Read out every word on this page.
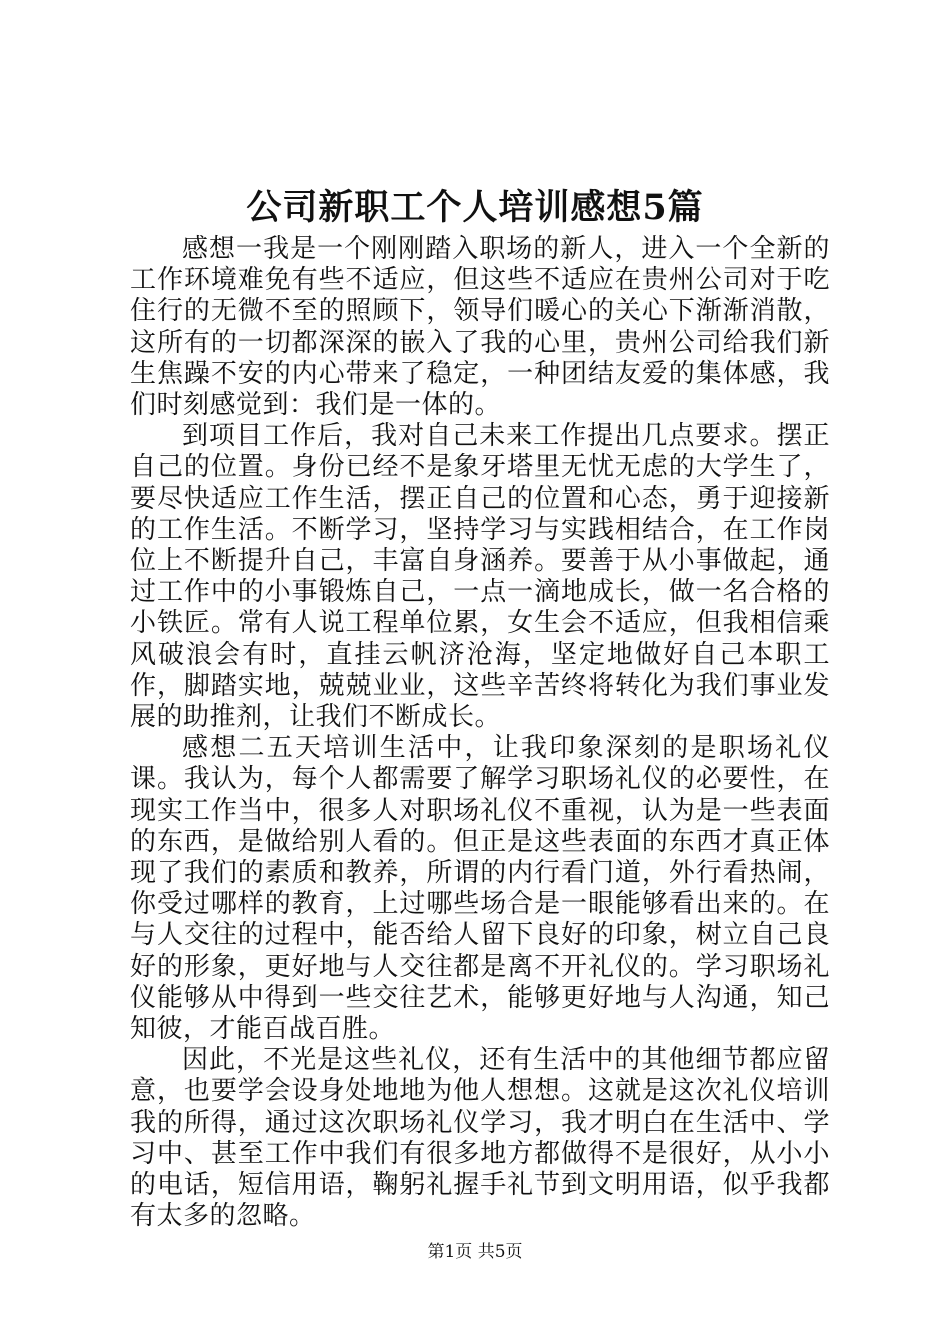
公司新职工个人培训感想5篇

感想一我是一个刚刚踏入职场的新人，进入一个全新的工作环境难免有些不适应，但这些不适应在贵州公司对于吃住行的无微不至的照顾下，领导们暖心的关心下渐渐消散，这所有的一切都深深的嵌入了我的心里，贵州公司给我们新生焦躁不安的内心带来了稳定，一种团结友爱的集体感，我们时刻感觉到：我们是一体的。

到项目工作后，我对自己未来工作提出几点要求。摆正自己的位置。身份已经不是象牙塔里无忧无虑的大学生了，要尽快适应工作生活，摆正自己的位置和心态，勇于迎接新的工作生活。不断学习，坚持学习与实践相结合，在工作岗位上不断提升自己，丰富自身涵养。要善于从小事做起，通过工作中的小事锻炼自己，一点一滴地成长，做一名合格的小铁匠。常有人说工程单位累，女生会不适应，但我相信乘风破浪会有时，直挂云帆济沧海，坚定地做好自己本职工作，脚踏实地，兢兢业业，这些辛苦终将转化为我们事业发展的助推剂，让我们不断成长。

感想二五天培训生活中，让我印象深刻的是职场礼仪课。我认为，每个人都需要了解学习职场礼仪的必要性，在现实工作当中，很多人对职场礼仪不重视，认为是一些表面的东西，是做给别人看的。但正是这些表面的东西才真正体现了我们的素质和教养，所谓的内行看门道，外行看热闹，你受过哪样的教育，上过哪些场合是一眼能够看出来的。在与人交往的过程中，能否给人留下良好的印象，树立自己良好的形象，更好地与人交往都是离不开礼仪的。学习职场礼仪能够从中得到一些交往艺术，能够更好地与人沟通，知己知彼，才能百战百胜。

因此，不光是这些礼仪，还有生活中的其他细节都应留意，也要学会设身处地地为他人想想。这就是这次礼仪培训我的所得，通过这次职场礼仪学习，我才明白在生活中、学习中、甚至工作中我们有很多地方都做得不是很好，从小小的电话，短信用语，鞠躬礼握手礼节到文明用语，似乎我都有太多的忽略。

第1页 共5页
